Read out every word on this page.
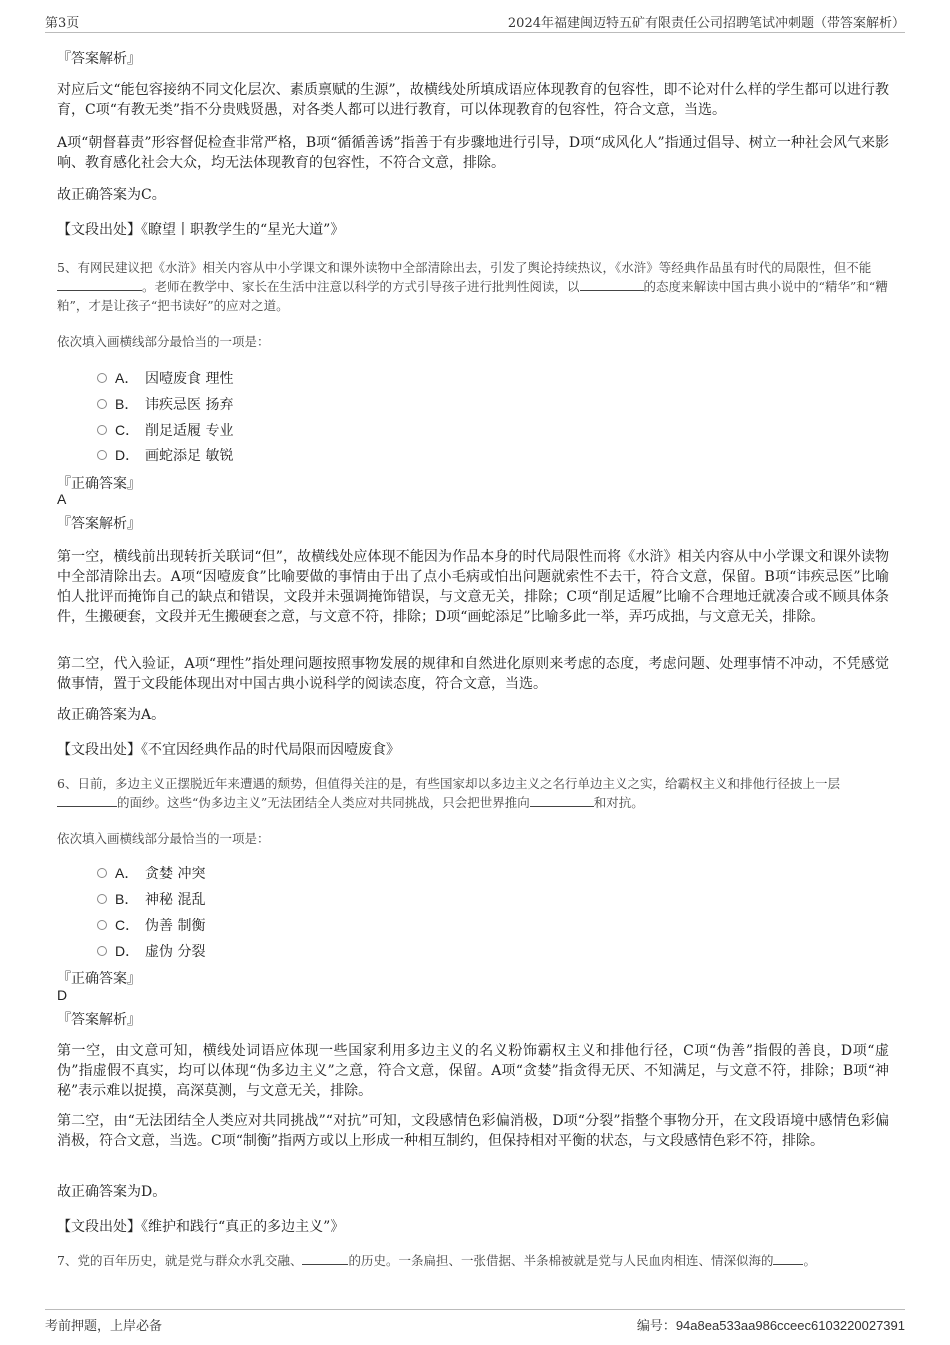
第3页	2024年福建闽迈特五矿有限责任公司招聘笔试冲刺题（带答案解析）
『答案解析』
对应后文“能包容接纳不同文化层次、素质禀赋的生源”，故横线处所填成语应体现教育的包容性，即不论对什么样的学生都可以进行教育，C项“有教无类”指不分贵贱贤愚，对各类人都可以进行教育，可以体现教育的包容性，符合文意，当选。
A项“朝督暮责”形容督促检查非常严格，B项“循循善诱”指善于有步骤地进行引导，D项“成风化人”指通过倡导、树立一种社会风气来影响、教育感化社会大众，均无法体现教育的包容性，不符合文意，排除。
故正确答案为C。
【文段出处】《瞭望丨职教学生的“星光大道”》
5、有网民建议把《水浒》相关内容从中小学课文和课外读物中全部清除出去，引发了舆论持续热议，《水浒》等经典作品虽有时代的局限性，但不能。老师在教学中、家长在生活中注意以科学的方式引导孩子进行批判性阅读，以	的态度来解读中国古典小说中的“精华”和“糟粕”，才是让孩子“把书读好”的应对之道。
依次填入画横线部分最恰当的一项是：
A． 因噎废食 理性
B． 讳疾忌医 扬弃
C． 削足适履 专业
D． 画蛇添足 敏锐
『正确答案』
A
『答案解析』
第一空，横线前出现转折关联词“但”，故横线处应体现不能因为作品本身的时代局限性而将《水浒》相关内容从中小学课文和课外读物中全部清除出去。A项“因噎废食”比喻要做的事情由于出了点小毛病或怕出问题就索性不去干，符合文意，保留。B项“讳疾忌医”比喻怕人批评而掩饰自己的缺点和错误，文段并未强调掩饰错误，与文意无关，排除；C项“削足适履”比喻不合理地迁就凑合或不顾具体条件，生搬硬套，文段并无生搬硬套之意，与文意不符，排除；D项“画蛇添足”比喻多此一举，弄巧成拙，与文意无关，排除。
第二空，代入验证，A项“理性”指处理问题按照事物发展的规律和自然进化原则来考虑的态度，考虑问题、处理事情不冲动，不凭感觉做事情，置于文段能体现出对中国古典小说科学的阅读态度，符合文意，当选。
故正确答案为A。
【文段出处】《不宜因经典作品的时代局限而因噎废食》
6、日前，多边主义正摆脱近年来遭遇的颓势，但值得关注的是，有些国家却以多边主义之名行单边主义之实，给霸权主义和排他行径披上一层的面纱。这些“伪多边主义”无法团结全人类应对共同挑战，只会把世界推向	和对抗。
依次填入画横线部分最恰当的一项是：
A． 贪婪 冲突
B． 神秘 混乱
C． 伪善 制衡
D． 虚伪 分裂
『正确答案』
D
『答案解析』
第一空，由文意可知，横线处词语应体现一些国家利用多边主义的名义粉饰霸权主义和排他行径，C项“伪善”指假的善良，D项“虚伪”指虚假不真实，均可以体现“伪多边主义”之意，符合文意，保留。A项“贪婪”指贪得无厌、不知满足，与文意不符，排除；B项“神秘”表示难以捉摸，高深莫测，与文意无关，排除。
第二空，由“无法团结全人类应对共同挑战”“对抗”可知，文段感情色彩偏消极，D项“分裂”指整个事物分开，在文段语境中感情色彩偏消极，符合文意，当选。C项“制衡”指两方或以上形成一种相互制约，但保持相对平衡的状态，与文段感情色彩不符，排除。
故正确答案为D。
【文段出处】《维护和践行“真正的多边主义”》
7、党的百年历史，就是党与群众水乳交融、	的历史。一条扁担、一张借据、半条棉被就是党与人民血肉相连、情深似海的 。
考前押题，上岸必备	编号：94a8ea533aa986cceec6103220027391
